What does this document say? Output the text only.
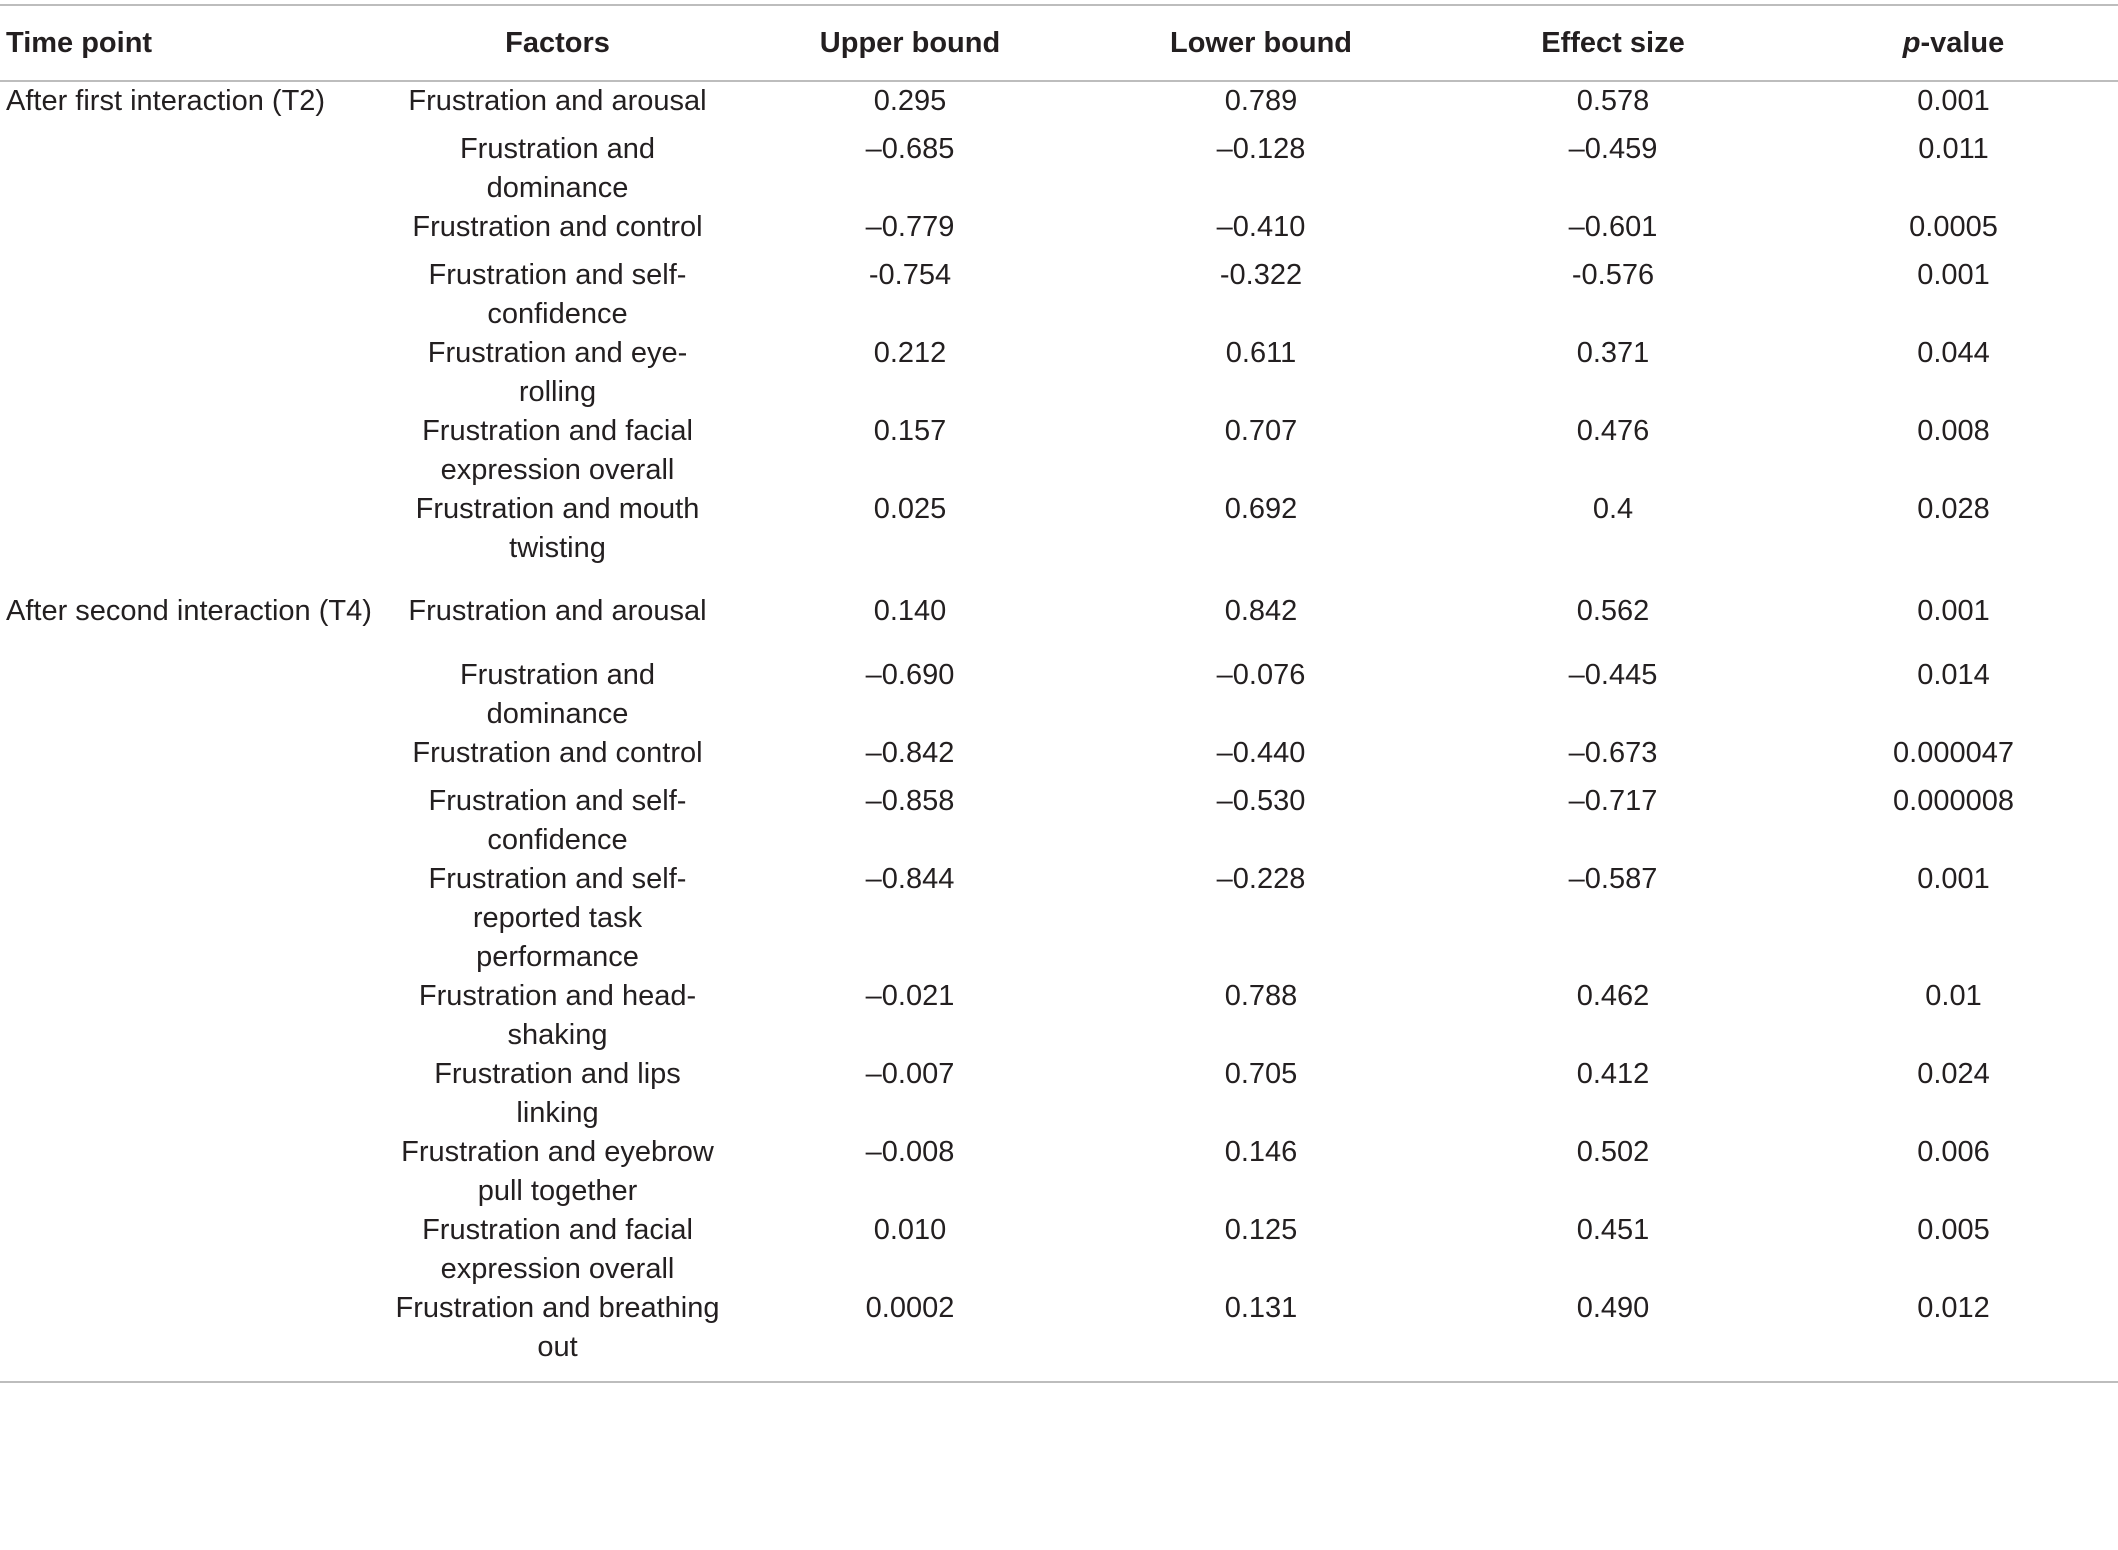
Time point	Factors	Upper bound	Lower bound	Effect size	p-value
After first interaction (T2)	Frustration and arousal	0.295	0.789	0.578	0.001
	Frustration and dominance	–0.685	–0.128	–0.459	0.011
	Frustration and control	–0.779	–0.410	–0.601	0.0005
	Frustration and self-confidence	-0.754	-0.322	-0.576	0.001
	Frustration and eye-rolling	0.212	0.611	0.371	0.044
	Frustration and facial expression overall	0.157	0.707	0.476	0.008
	Frustration and mouth twisting	0.025	0.692	0.4	0.028

After second interaction (T4)	Frustration and arousal	0.140	0.842	0.562	0.001
	Frustration and dominance	–0.690	–0.076	–0.445	0.014
	Frustration and control	–0.842	–0.440	–0.673	0.000047
	Frustration and self-confidence	–0.858	–0.530	–0.717	0.000008
	Frustration and self-reported task performance	–0.844	–0.228	–0.587	0.001
	Frustration and head-shaking	–0.021	0.788	0.462	0.01
	Frustration and lips linking	–0.007	0.705	0.412	0.024
	Frustration and eyebrow pull together	–0.008	0.146	0.502	0.006
	Frustration and facial expression overall	0.010	0.125	0.451	0.005
	Frustration and breathing out	0.0002	0.131	0.490	0.012
